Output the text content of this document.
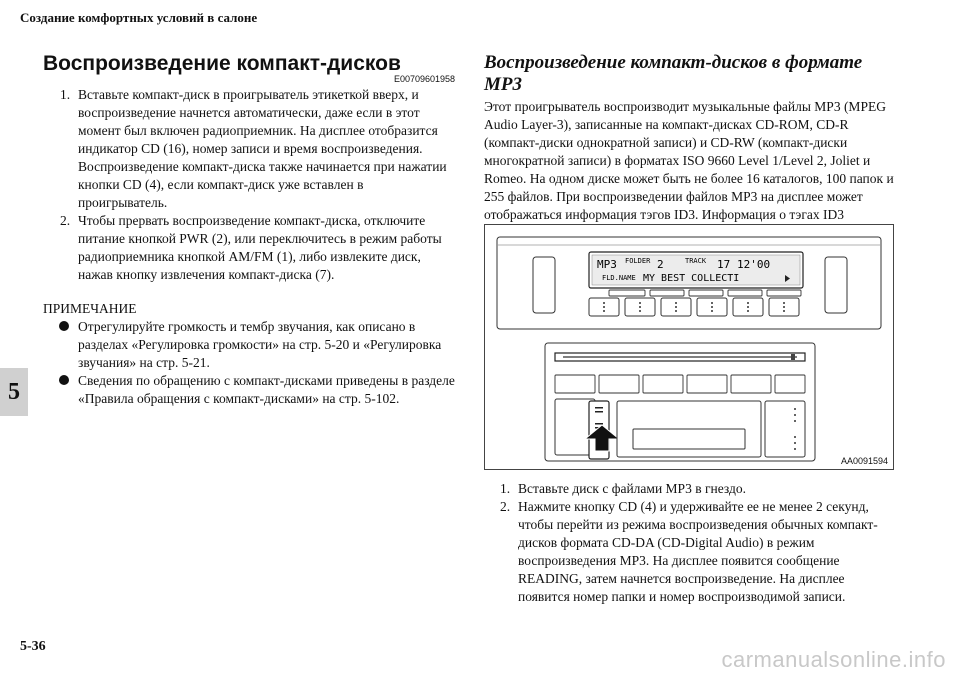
Создание комфортных условий в салоне
5
Воспроизведение компакт-дисков
E00709601958
1. Вставьте компакт-диск в проигрыватель этикеткой вверх, и воспроизведение начнется автоматически, даже если в этот момент был включен радиоприемник. На дисплее отобразится индикатор CD (16), номер записи и время воспроизведения. Воспроизведение компакт-диска также начинается при нажатии кнопки CD (4), если компакт-диск уже вставлен в проигрыватель.
2. Чтобы прервать воспроизведение компакт-диска, отключите питание кнопкой PWR (2), или переключитесь в режим работы радиоприемника кнопкой AM/FM (1), либо извлеките диск, нажав кнопку извлечения компакт-диска (7).
ПРИМЕЧАНИЕ
Отрегулируйте громкость и тембр звучания, как описано в разделах «Регулировка громкости» на стр. 5-20 и «Регулировка звучания» на стр. 5-21.
Сведения по обращению с компакт-дисками приведены в разделе «Правила обращения с компакт-дисками» на стр. 5-102.
Воспроизведение компакт-дисков в формате MP3
Этот проигрыватель воспроизводит музыкальные файлы MP3 (MPEG Audio Layer-3), записанные на компакт-дисках CD-ROM, CD-R (компакт-диски однократной записи) и CD-RW (компакт-диски многократной записи) в форматах ISO 9660 Level 1/Level 2, Joliet и Romeo. На одном диске может быть не более 16 каталогов, 100 папок и 255 файлов. При воспроизведении файлов MP3 на дисплее может отображаться информация тэгов ID3. Информация о тэгах ID3
MP3 FOLDER 2	TRACK 17 12'00
FLD.NAME MY BEST COLLECTI
AA0091594
1. Вставьте диск с файлами MP3 в гнездо.
2. Нажмите кнопку CD (4) и удерживайте ее не менее 2 секунд, чтобы перейти из режима воспроизведения обычных компакт-дисков формата CD-DA (CD-Digital Audio) в режим воспроизведения MP3. На дисплее появится сообщение READING, затем начнется воспроизведение. На дисплее появится номер папки и номер воспроизводимой записи.
5-36
carmanualsonline.info
